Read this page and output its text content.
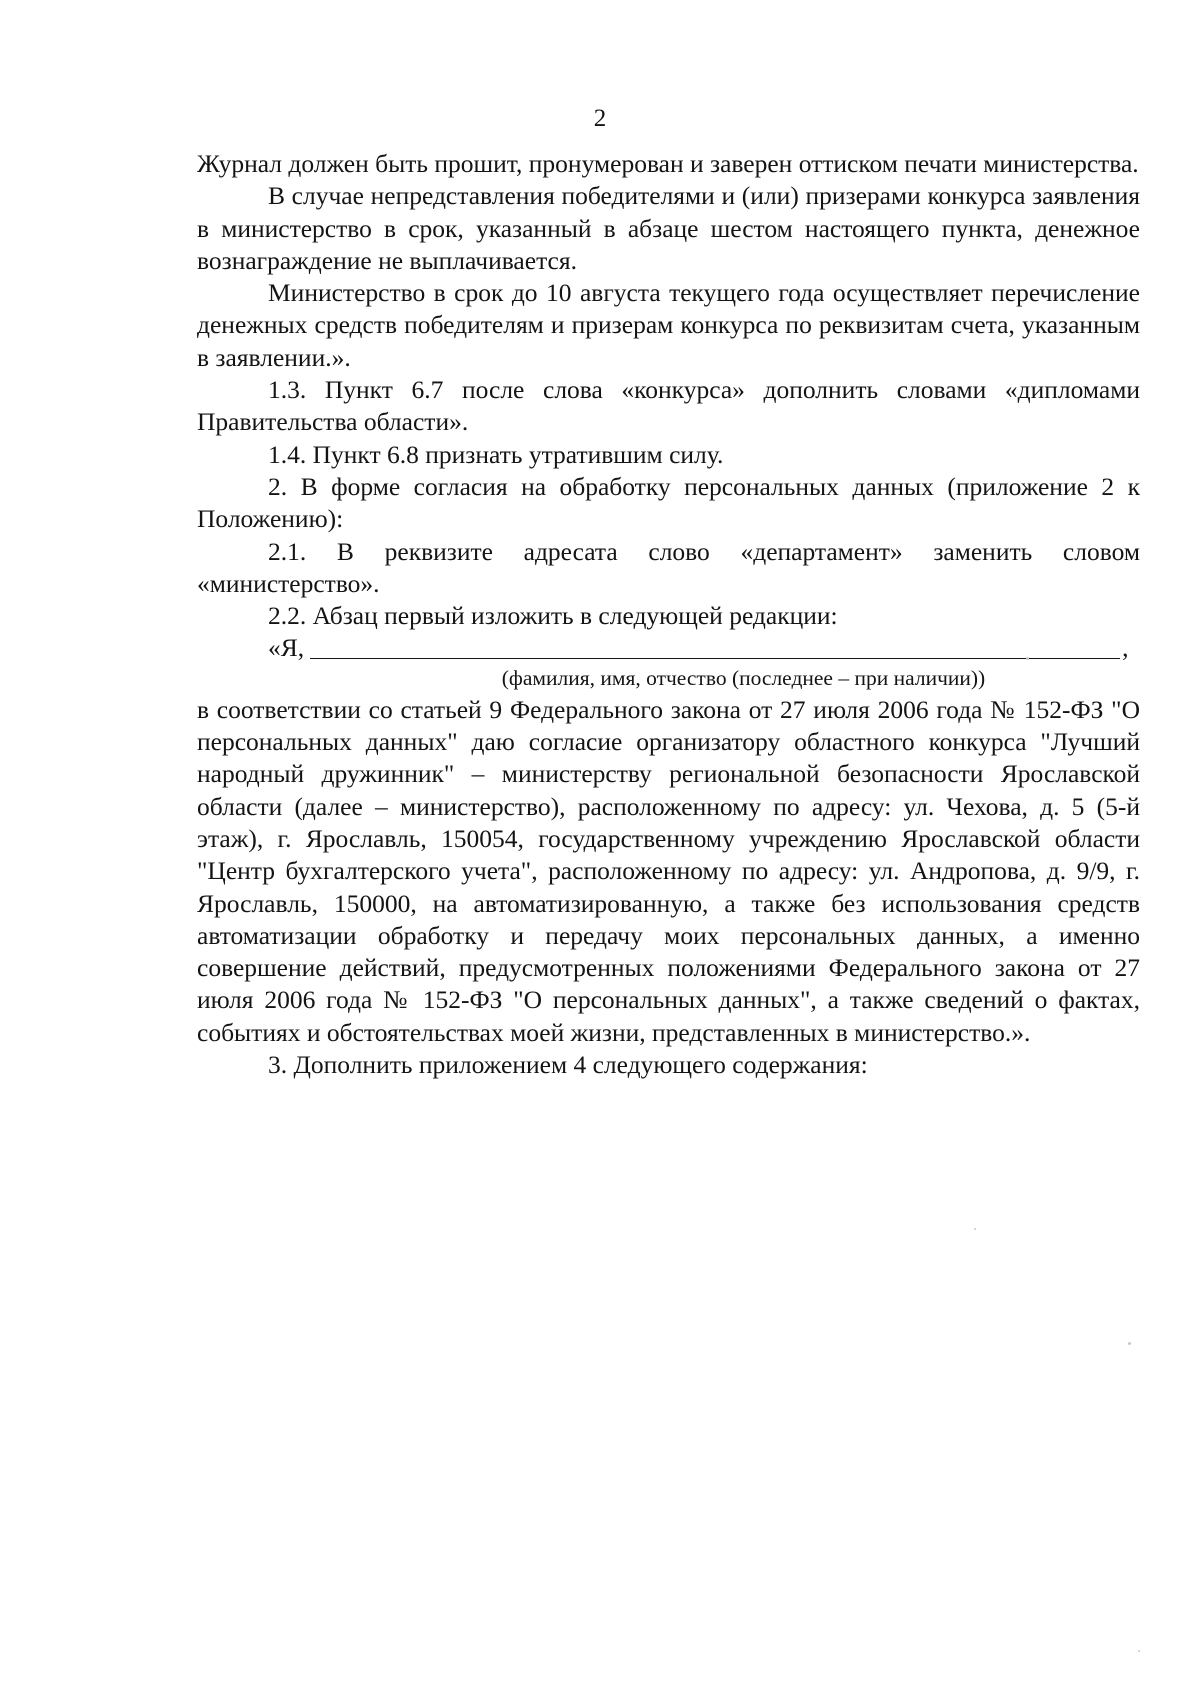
2

Журнал должен быть прошит, пронумерован и заверен оттиском печати министерства.

В случае непредставления победителями и (или) призерами конкурса заявления в министерство в срок, указанный в абзаце шестом настоящего пункта, денежное вознаграждение не выплачивается.

Министерство в срок до 10 августа текущего года осуществляет перечисление денежных средств победителям и призерам конкурса по реквизитам счета, указанным в заявлении.».

1.3. Пункт 6.7 после слова «конкурса» дополнить словами «дипломами Правительства области».

1.4. Пункт 6.8 признать утратившим силу.

2. В форме согласия на обработку персональных данных (приложение 2 к Положению):

2.1. В реквизите адресата слово «департамент» заменить словом «министерство».

2.2. Абзац первый изложить в следующей редакции:

«Я,	,
(фамилия, имя, отчество (последнее – при наличии))

в соответствии со статьей 9 Федерального закона от 27 июля 2006 года № 152-ФЗ "О персональных данных" даю согласие организатору областного конкурса "Лучший народный дружинник" – министерству региональной безопасности Ярославской области (далее – министерство), расположенному по адресу: ул. Чехова, д. 5 (5-й этаж), г. Ярославль, 150054, государственному учреждению Ярославской области "Центр бухгалтерского учета", расположенному по адресу: ул. Андропова, д. 9/9, г. Ярославль, 150000, на автоматизированную, а также без использования средств автоматизации обработку и передачу моих персональных данных, а именно совершение действий, предусмотренных положениями Федерального закона от 27 июля 2006 года № 152-ФЗ "О персональных данных", а также сведений о фактах, событиях и обстоятельствах моей жизни, представленных в министерство.».

3. Дополнить приложением 4 следующего содержания:
